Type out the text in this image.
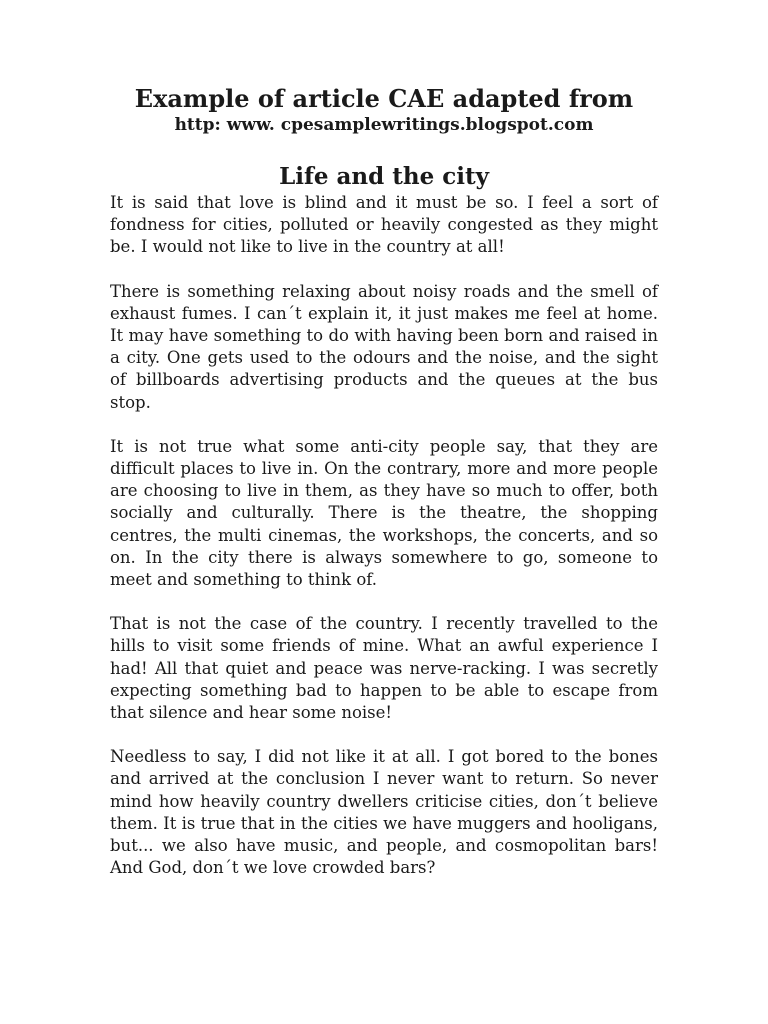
Example of article CAE adapted from
http: www. cpesamplewritings.blogspot.com
Life and the city

It is said that love is blind and it must be so. I feel a sort of fondness for cities, polluted or heavily congested as they might be. I would not like to live in the country at all!

There is something relaxing about noisy roads and the smell of exhaust fumes. I can´t explain it, it just makes me feel at home. It may have something to do with having been born and raised in a city. One gets used to the odours and the noise, and the sight of billboards advertising products and the queues at the bus stop.

It is not true what some anti-city people say, that they are difficult places to live in. On the contrary, more and more people are choosing to live in them, as they have so much to offer, both socially and culturally. There is the theatre, the shopping centres, the multi cinemas, the workshops, the concerts, and so on. In the city there is always somewhere to go, someone to meet and something to think of.

That is not the case of the country. I recently travelled to the hills to visit some friends of mine. What an awful experience I had! All that quiet and peace was nerve-racking. I was secretly expecting something bad to happen to be able to escape from that silence and hear some noise!

Needless to say, I did not like it at all. I got bored to the bones and arrived at the conclusion I never want to return. So never mind how heavily country dwellers criticise cities, don´t believe them. It is true that in the cities we have muggers and hooligans, but... we also have music, and people, and cosmopolitan bars! And God, don´t we love crowded bars?
